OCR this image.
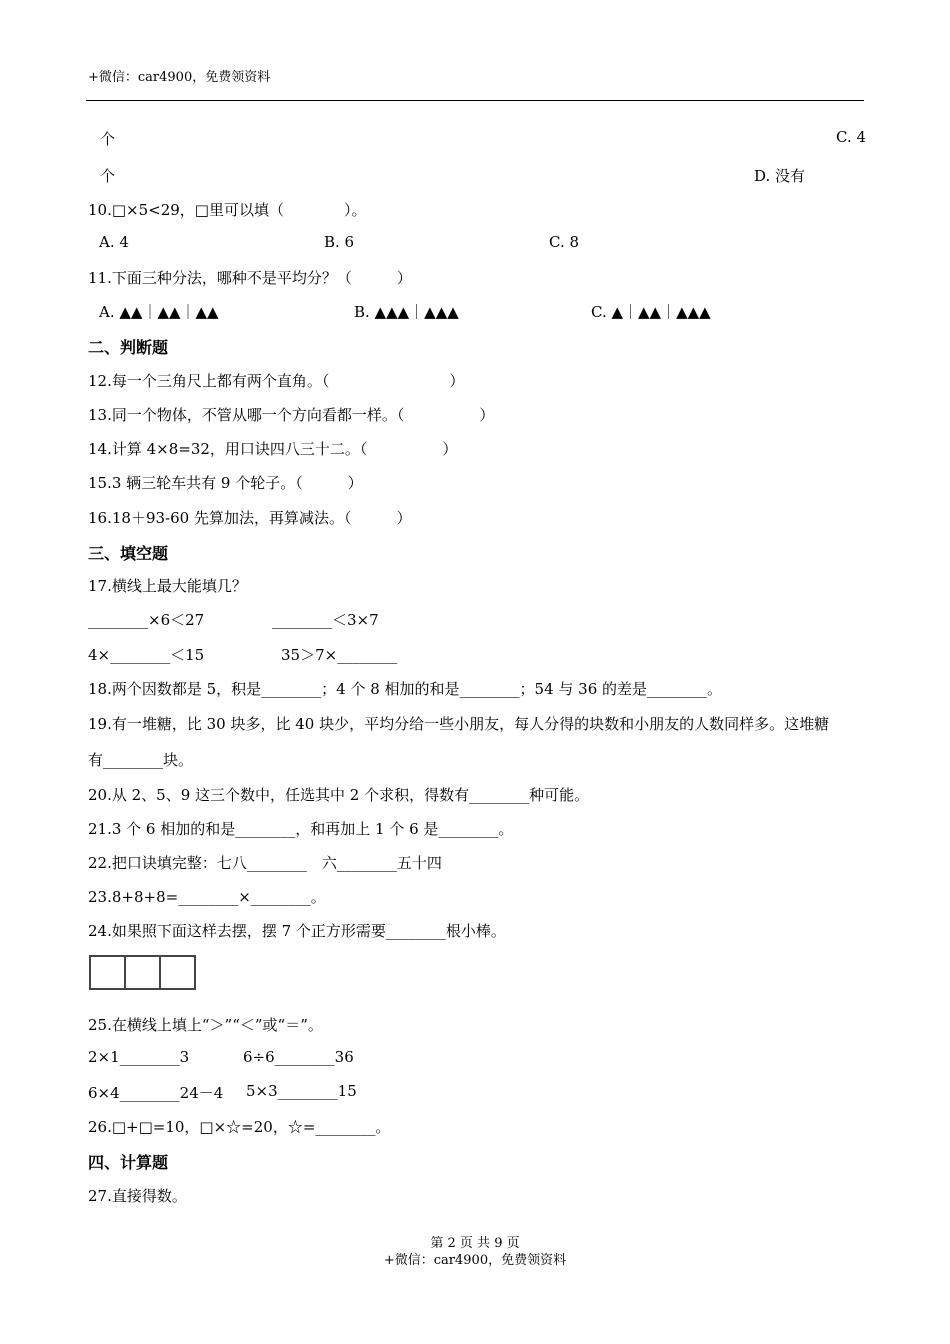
+微信：car4900，免费领资料
C. 4
个
个	D. 没有
10.□×5<29，□里可以填（　　　　）。
A. 4	B. 6	C. 8
11.下面三种分法，哪种不是平均分？（　　　）
A. ▲▲｜▲▲｜▲▲	B. ▲▲▲｜▲▲▲	C. ▲｜▲▲｜▲▲▲
二、判断题
12.每一个三角尺上都有两个直角。（　　　　　　　　）
13.同一个物体，不管从哪一个方向看都一样。（　　　　　）
14.计算 4×8=32，用口诀四八三十二。（　　　　　）
15.3 辆三轮车共有 9 个轮子。（　　　）
16.18＋93-60 先算加法，再算减法。（　　　）
三、填空题
17.横线上最大能填几？
________×6＜27	________＜3×7
4×________＜15	35＞7×________
18.两个因数都是 5，积是________；4 个 8 相加的和是________；54 与 36 的差是________。
19.有一堆糖，比 30 块多，比 40 块少，平均分给一些小朋友，每人分得的块数和小朋友的人数同样多。这堆糖
有________块。
20.从 2、5、9 这三个数中，任选其中 2 个求积，得数有________种可能。
21.3 个 6 相加的和是________，和再加上 1 个 6 是________。
22.把口诀填完整：七八________　六________五十四
23.8+8+8=________×________。
24.如果照下面这样去摆，摆 7 个正方形需要________根小棒。
25.在横线上填上“＞”“＜”或“＝”。
2×1________3	6÷6________36
6×4________24－4 5×3________15
26.□+□=10，□×☆=20，☆=________。
四、计算题
27.直接得数。
第 2 页 共 9 页
+微信：car4900，免费领资料
